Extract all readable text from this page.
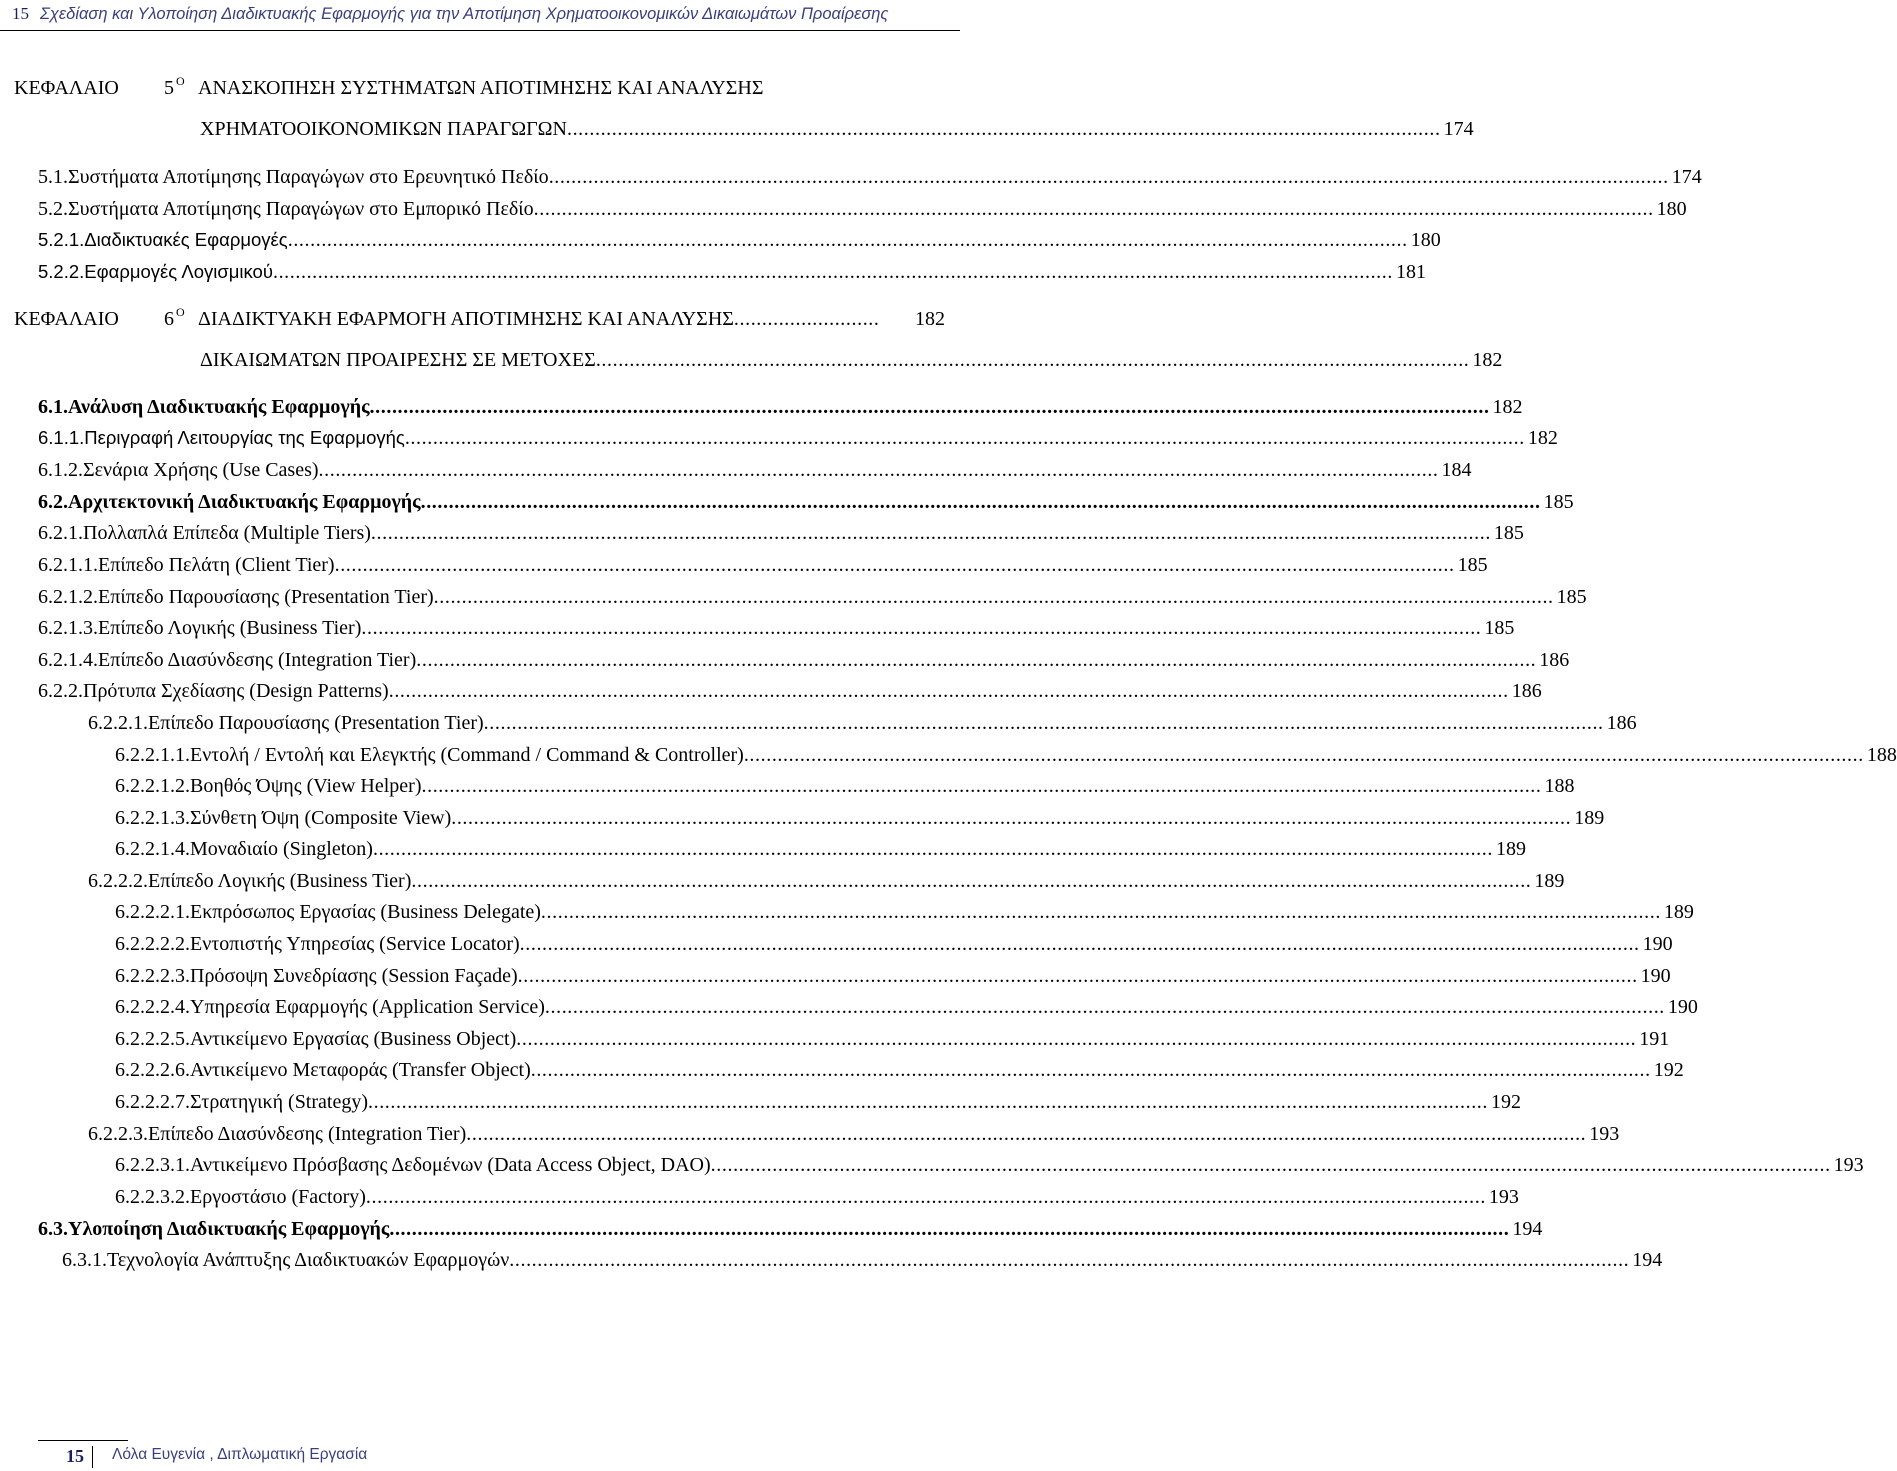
15 Σχεδίαση και Υλοποίηση Διαδικτυακής Εφαρμογής για την Αποτίμηση Χρηματοοικονομικών Δικαιωμάτων Προαίρεσης
ΚΕΦΑΛΑΙΟ	5 $^O$ ΑΝΑΣΚΟΠΗΣΗ ΣΥΣΤΗΜΑΤΩΝ ΑΠΟΤΙΜΗΣΗΣ ΚΑΙ ΑΝΑΛΥΣΗΣ
ΧΡΗΜΑΤΟΟΙΚΟΝΟΜΙΚΩΝ ΠΑΡΑΓΩΓΩΝ ............................................................................................................................................................ 174
5.1. Συστήματα Αποτίμησης Παραγώγων στο Ερευνητικό Πεδίο ........................................................................................................................................................................................................ 174
5.2. Συστήματα Αποτίμησης Παραγώγων στο Εμπορικό Πεδίο ........................................................................................................................................................................................................ 180
5.2.1. Διαδικτυακές Εφαρμογές ........................................................................................................................................................................................................ 180
5.2.2. Εφαρμογές Λογισμικού ........................................................................................................................................................................................................ 181
ΚΕΦΑΛΑΙΟ	6 $^O$ ΔΙΑΔΙΚΤΥΑΚΗ ΕΦΑΡΜΟΓΗ ΑΠΟΤΙΜΗΣΗΣ ΚΑΙ ΑΝΑΛΥΣΗΣ ..........................	182
ΔΙΚΑΙΩΜΑΤΩΝ ΠΡΟΑΙΡΕΣΗΣ ΣΕ ΜΕΤΟΧΕΣ ............................................................................................................................................................ 182
6.1. Ανάλυση Διαδικτυακής Εφαρμογής ........................................................................................................................................................................................................ 182
6.1.1. Περιγραφή Λειτουργίας της Εφαρμογής ........................................................................................................................................................................................................ 182
6.1.2. Σενάρια Χρήσης (Use Cases) ........................................................................................................................................................................................................ 184
6.2. Αρχιτεκτονική Διαδικτυακής Εφαρμογής ........................................................................................................................................................................................................ 185
6.2.1. Πολλαπλά Επίπεδα (Multiple Tiers) ........................................................................................................................................................................................................ 185
6.2.1.1. Επίπεδο Πελάτη (Client Tier) ........................................................................................................................................................................................................ 185
6.2.1.2. Επίπεδο Παρουσίασης (Presentation Tier) ........................................................................................................................................................................................................ 185
6.2.1.3. Επίπεδο Λογικής (Business Tier) ........................................................................................................................................................................................................ 185
6.2.1.4. Επίπεδο Διασύνδεσης (Integration Tier) ........................................................................................................................................................................................................ 186
6.2.2. Πρότυπα Σχεδίασης (Design Patterns) ........................................................................................................................................................................................................ 186
6.2.2.1. Επίπεδο Παρουσίασης (Presentation Tier) ........................................................................................................................................................................................................ 186
6.2.2.1.1. Εντολή / Εντολή και Ελεγκτής (Command / Command & Controller) ........................................................................................................................................................................................................ 188
6.2.2.1.2. Βοηθός Όψης (View Helper) ........................................................................................................................................................................................................ 188
6.2.2.1.3. Σύνθετη Όψη (Composite View) ........................................................................................................................................................................................................ 189
6.2.2.1.4. Μοναδιαίο (Singleton) ........................................................................................................................................................................................................ 189
6.2.2.2. Επίπεδο Λογικής (Business Tier) ........................................................................................................................................................................................................ 189
6.2.2.2.1. Εκπρόσωπος Εργασίας (Business Delegate) ........................................................................................................................................................................................................ 189
6.2.2.2.2. Εντοπιστής Υπηρεσίας (Service Locator) ........................................................................................................................................................................................................ 190
6.2.2.2.3. Πρόσοψη Συνεδρίασης (Session Façade) ........................................................................................................................................................................................................ 190
6.2.2.2.4. Υπηρεσία Εφαρμογής (Application Service) ........................................................................................................................................................................................................ 190
6.2.2.2.5. Αντικείμενο Εργασίας (Business Object) ........................................................................................................................................................................................................ 191
6.2.2.2.6. Αντικείμενο Μεταφοράς (Transfer Object) ........................................................................................................................................................................................................ 192
6.2.2.2.7. Στρατηγική (Strategy) ........................................................................................................................................................................................................ 192
6.2.2.3. Επίπεδο Διασύνδεσης (Integration Tier) ........................................................................................................................................................................................................ 193
6.2.2.3.1. Αντικείμενο Πρόσβασης Δεδομένων (Data Access Object, DAO) ........................................................................................................................................................................................................ 193
6.2.2.3.2. Εργοστάσιο (Factory) ........................................................................................................................................................................................................ 193
6.3. Υλοποίηση Διαδικτυακής Εφαρμογής ........................................................................................................................................................................................................ 194
6.3.1. Τεχνολογία Ανάπτυξης Διαδικτυακών Εφαρμογών ........................................................................................................................................................................................................ 194
15	Λόλα Ευγενία , Διπλωματική Εργασία
